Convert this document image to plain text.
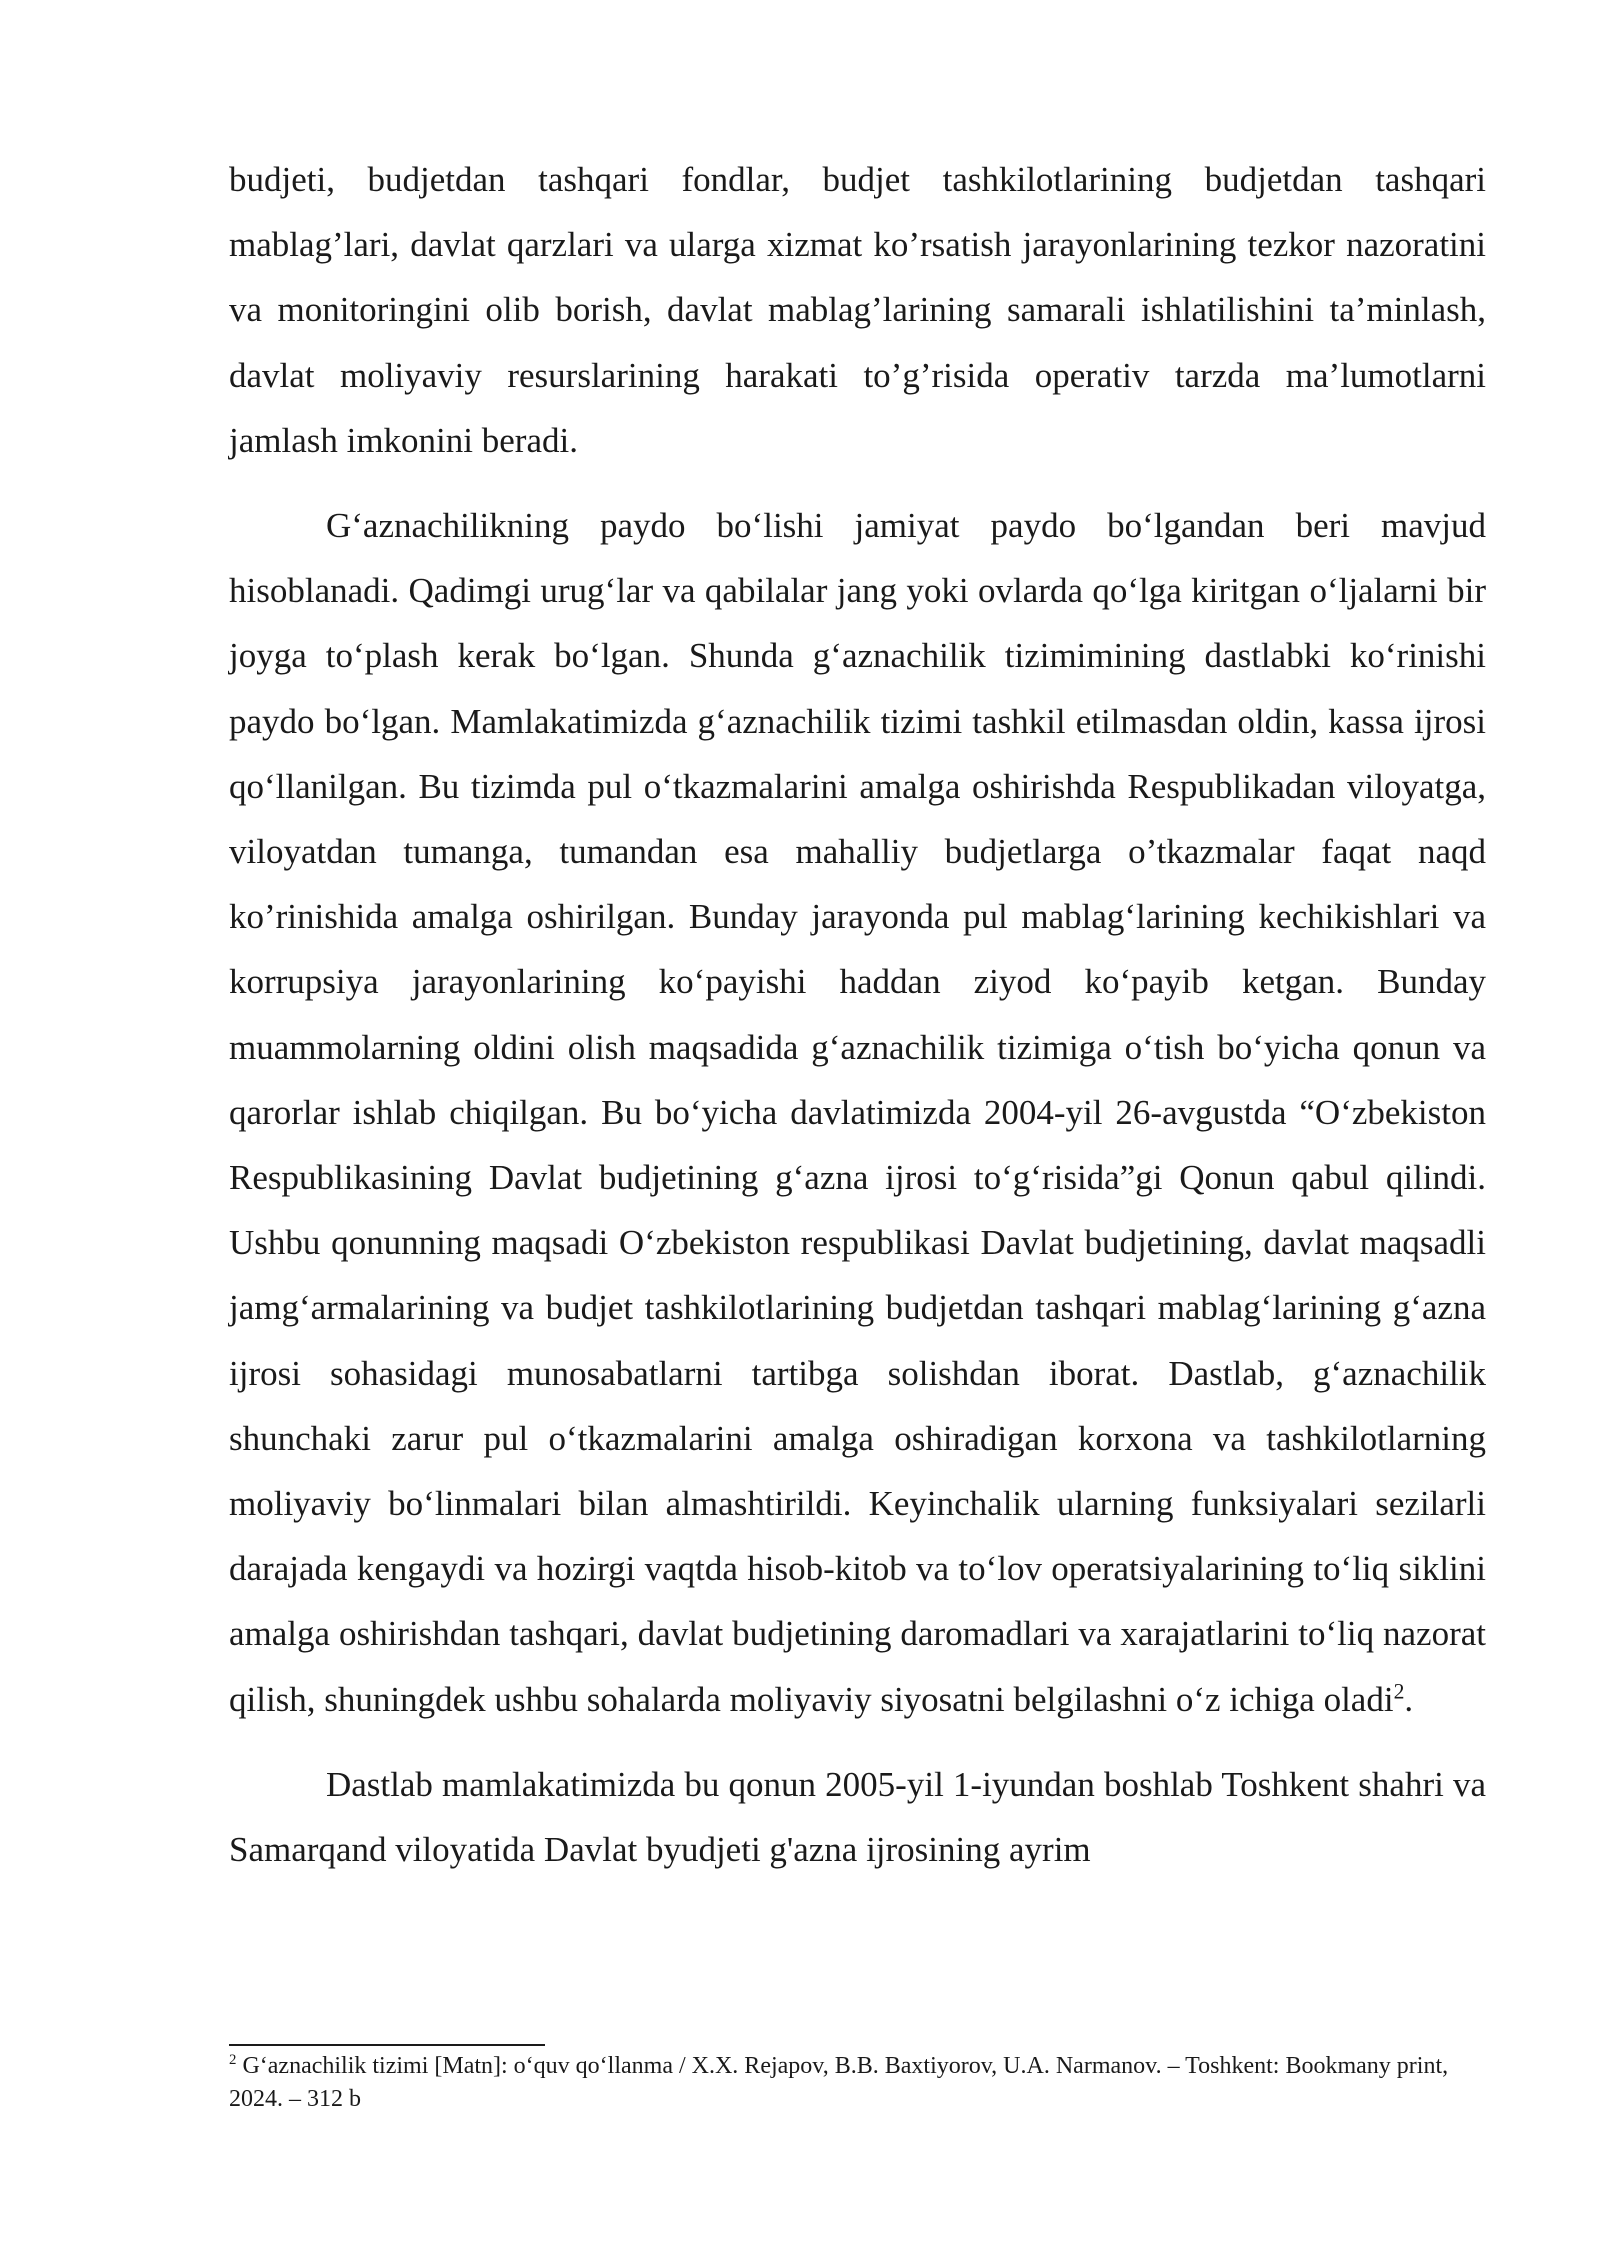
budjeti, budjetdan tashqari fondlar, budjet tashkilotlarining budjetdan tashqari mablag’lari, davlat qarzlari va ularga xizmat ko’rsatish jarayonlarining tezkor nazoratini va monitoringini olib borish, davlat mablag’larining samarali ishlatilishini ta’minlash, davlat moliyaviy resurslarining harakati to’g’risida operativ tarzda ma’lumotlarni jamlash imkonini beradi.

G‘aznachilikning paydo bo‘lishi jamiyat paydo bo‘lgandan beri mavjud hisoblanadi. Qadimgi urug‘lar va qabilalar jang yoki ovlarda qo‘lga kiritgan o‘ljalarni bir joyga to‘plash kerak bo‘lgan. Shunda g‘aznachilik tizimimining dastlabki ko‘rinishi paydo bo‘lgan. Mamlakatimizda g‘aznachilik tizimi tashkil etilmasdan oldin, kassa ijrosi qo‘llanilgan. Bu tizimda pul o‘tkazmalarini amalga oshirishda Respublikadan viloyatga, viloyatdan tumanga, tumandan esa mahalliy budjetlarga o’tkazmalar faqat naqd ko’rinishida amalga oshirilgan. Bunday jarayonda pul mablag‘larining kechikishlari va korrupsiya jarayonlarining ko‘payishi haddan ziyod ko‘payib ketgan. Bunday muammolarning oldini olish maqsadida g‘aznachilik tizimiga o‘tish bo‘yicha qonun va qarorlar ishlab chiqilgan. Bu bo‘yicha davlatimizda 2004-yil 26-avgustda “O‘zbekiston Respublikasining Davlat budjetining g‘azna ijrosi to‘g‘risida”gi Qonun qabul qilindi. Ushbu qonunning maqsadi O‘zbekiston respublikasi Davlat budjetining, davlat maqsadli jamg‘armalarining va budjet tashkilotlarining budjetdan tashqari mablag‘larining g‘azna ijrosi sohasidagi munosabatlarni tartibga solishdan iborat. Dastlab, g‘aznachilik shunchaki zarur pul o‘tkazmalarini amalga oshiradigan korxona va tashkilotlarning moliyaviy bo‘linmalari bilan almashtirildi. Keyinchalik ularning funksiyalari sezilarli darajada kengaydi va hozirgi vaqtda hisob-kitob va to‘lov operatsiyalarining to‘liq siklini amalga oshirishdan tashqari, davlat budjetining daromadlari va xarajatlarini to‘liq nazorat qilish, shuningdek ushbu sohalarda moliyaviy siyosatni belgilashni o‘z ichiga oladi$^2$.

Dastlab mamlakatimizda bu qonun 2005-yil 1-iyundan boshlab Toshkent shahri va Samarqand viloyatida Davlat byudjeti g'azna ijrosining ayrim

$^2$ G‘aznachilik tizimi [Matn]: o‘quv qo‘llanma / X.X. Rejapov, B.B. Baxtiyorov, U.A. Narmanov. – Toshkent: Bookmany print, 2024. – 312 b
